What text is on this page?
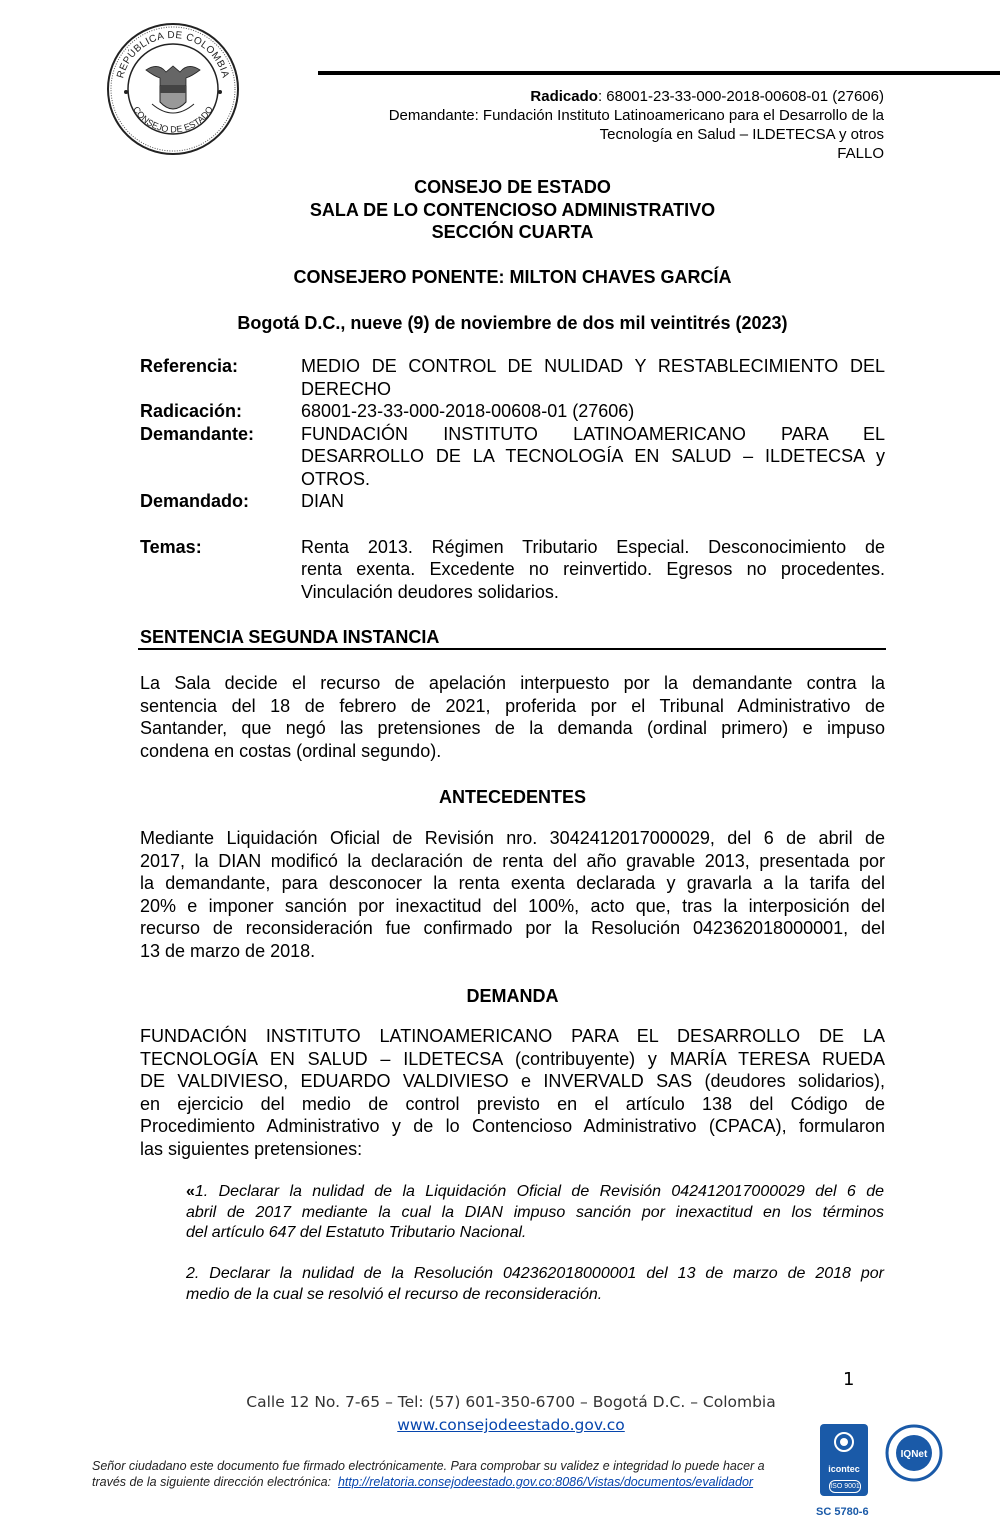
REPÚBLICA DE COLOMBIA
CONSEJO DE ESTADO
Radicado: 68001-23-33-000-2018-00608-01 (27606)
Demandante: Fundación Instituto Latinoamericano para el Desarrollo de la
Tecnología en Salud – ILDETECSA y otros
FALLO
CONSEJO DE ESTADO
SALA DE LO CONTENCIOSO ADMINISTRATIVO
SECCIÓN CUARTA
CONSEJERO PONENTE: MILTON CHAVES GARCÍA
Bogotá D.C., nueve (9) de noviembre de dos mil veintitrés (2023)
Referencia:	MEDIO DE CONTROL DE NULIDAD Y RESTABLECIMIENTO DEL
DERECHO
Radicación:	68001-23-33-000-2018-00608-01 (27606)
Demandante:	FUNDACIÓN INSTITUTO LATINOAMERICANO PARA EL
DESARROLLO DE LA TECNOLOGÍA EN SALUD – ILDETECSA y
OTROS.
Demandado:	DIAN
Temas:	Renta 2013. Régimen Tributario Especial. Desconocimiento de
renta exenta. Excedente no reinvertido. Egresos no procedentes.
Vinculación deudores solidarios.
SENTENCIA SEGUNDA INSTANCIA
La Sala decide el recurso de apelación interpuesto por la demandante contra la
sentencia del 18 de febrero de 2021, proferida por el Tribunal Administrativo de
Santander, que negó las pretensiones de la demanda (ordinal primero) e impuso
condena en costas (ordinal segundo).
ANTECEDENTES
Mediante Liquidación Oficial de Revisión nro. 3042412017000029, del 6 de abril de
2017, la DIAN modificó la declaración de renta del año gravable 2013, presentada por
la demandante, para desconocer la renta exenta declarada y gravarla a la tarifa del
20% e imponer sanción por inexactitud del 100%, acto que, tras la interposición del
recurso de reconsideración fue confirmado por la Resolución 042362018000001, del
13 de marzo de 2018.
DEMANDA
FUNDACIÓN INSTITUTO LATINOAMERICANO PARA EL DESARROLLO DE LA
TECNOLOGÍA EN SALUD – ILDETECSA (contribuyente) y MARÍA TERESA RUEDA
DE VALDIVIESO, EDUARDO VALDIVIESO e INVERVALD SAS (deudores solidarios),
en ejercicio del medio de control previsto en el artículo 138 del Código de
Procedimiento Administrativo y de lo Contencioso Administrativo (CPACA), formularon
las siguientes pretensiones:
«1. Declarar la nulidad de la Liquidación Oficial de Revisión 042412017000029 del 6 de
abril de 2017 mediante la cual la DIAN impuso sanción por inexactitud en los términos
del artículo 647 del Estatuto Tributario Nacional.
2. Declarar la nulidad de la Resolución 042362018000001 del 13 de marzo de 2018 por
medio de la cual se resolvió el recurso de reconsideración.
1
Calle 12 No. 7-65 – Tel: (57) 601-350-6700 – Bogotá D.C. – Colombia
www.consejodeestado.gov.co
Señor ciudadano este documento fue firmado electrónicamente. Para comprobar su validez e integridad lo puede hacer a
través de la siguiente dirección electrónica: http://relatoria.consejodeestado.gov.co:8086/Vistas/documentos/evalidador
icontec
ISO 9001
IQNet
SC 5780-6
